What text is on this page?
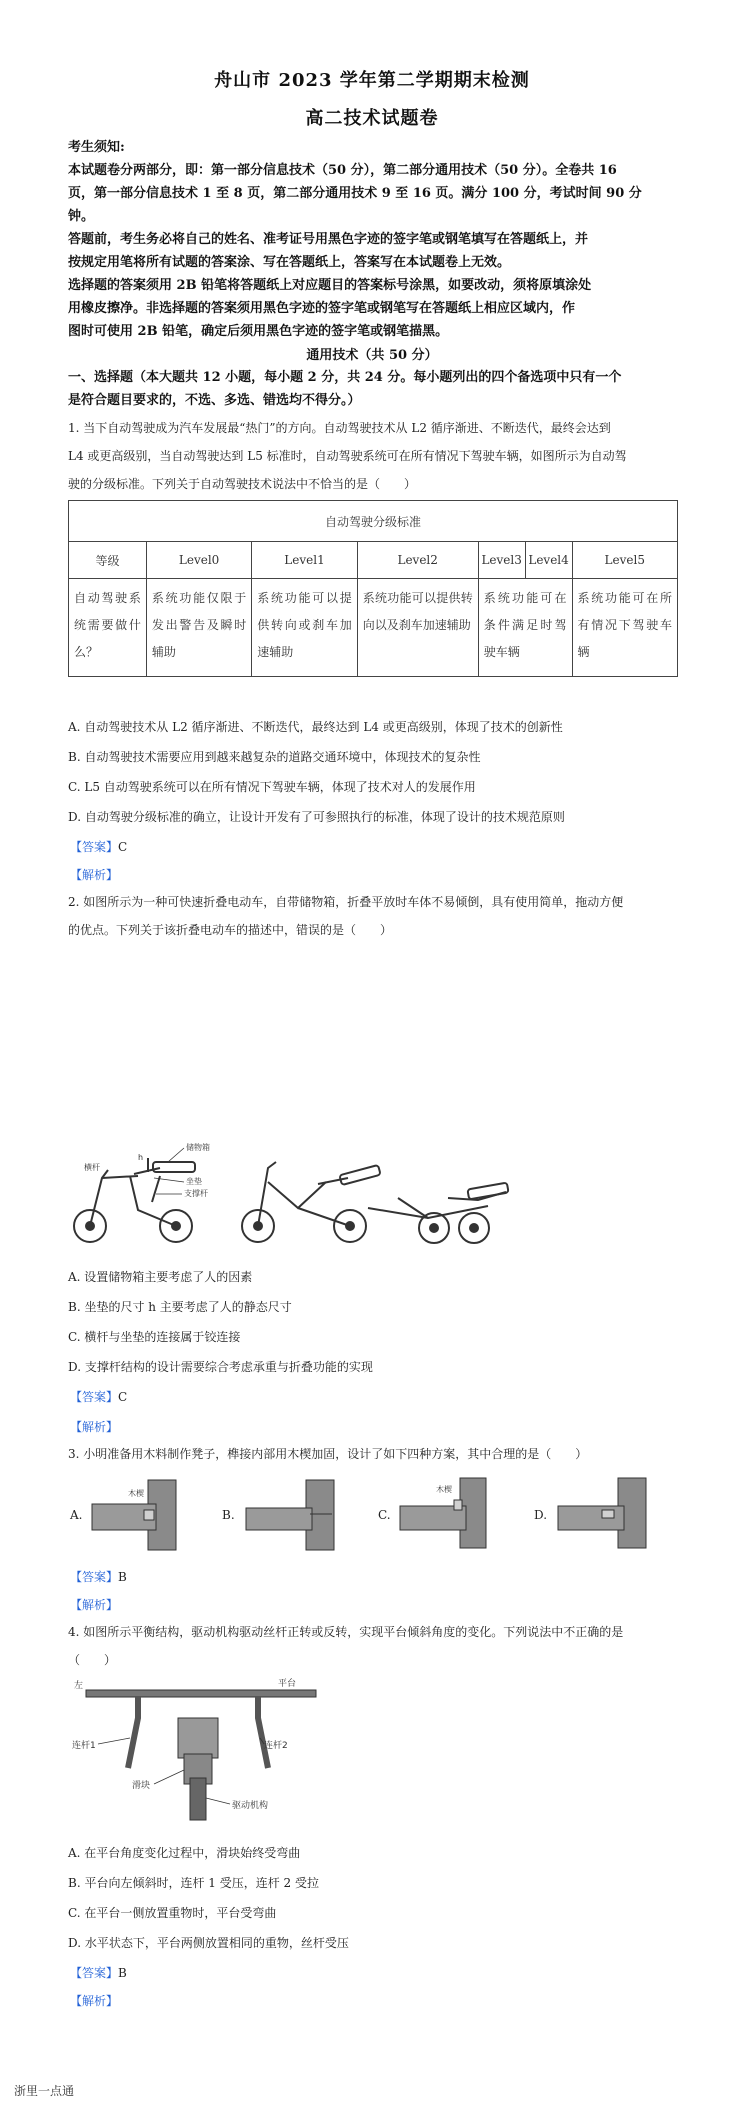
舟山市 2023 学年第二学期期末检测
高二技术试题卷

考生须知:

本试题卷分两部分，即：第一部分信息技术（50 分），第二部分通用技术（50 分）。全卷共 16

页，第一部分信息技术 1 至 8 页，第二部分通用技术 9 至 16 页。满分 100 分，考试时间 90 分

钟。

答题前，考生务必将自己的姓名、准考证号用黑色字迹的签字笔或钢笔填写在答题纸上，并

按规定用笔将所有试题的答案涂、写在答题纸上，答案写在本试题卷上无效。

选择题的答案须用 2B 铅笔将答题纸上对应题目的答案标号涂黑，如要改动，须将原填涂处

用橡皮擦净。非选择题的答案须用黑色字迹的签字笔或钢笔写在答题纸上相应区域内，作

图时可使用 2B 铅笔，确定后须用黑色字迹的签字笔或钢笔描黑。

通用技术（共 50 分）
一、选择题（本大题共 12 小题，每小题 2 分，共 24 分。每小题列出的四个备选项中只有一个
是符合题目要求的，不选、多选、错选均不得分。）
1. 当下自动驾驶成为汽车发展最“热门”的方向。自动驾驶技术从 L2 循序渐进、不断迭代，最终会达到
L4 或更高级别，当自动驾驶达到 L5 标准时，自动驾驶系统可在所有情况下驾驶车辆，如图所示为自动驾
驶的分级标准。下列关于自动驾驶技术说法中不恰当的是（　　）
自动驾驶分级标准						
等级	Level0	Level1	Level2	Level3	Level4	Level5
自动驾驶系统需要做什么？	系统功能仅限于发出警告及瞬时辅助	系统功能可以提供转向或刹车加速辅助	系统功能可以提供转向以及刹车加速辅助	系统功能可在条件满足时驾驶车辆		系统功能可在所有情况下驾驶车辆
A. 自动驾驶技术从 L2 循序渐进、不断迭代，最终达到 L4 或更高级别，体现了技术的创新性
B. 自动驾驶技术需要应用到越来越复杂的道路交通环境中，体现技术的复杂性
C. L5 自动驾驶系统可以在所有情况下驾驶车辆，体现了技术对人的发展作用
D. 自动驾驶分级标准的确立，让设计开发有了可参照执行的标准，体现了设计的技术规范原则
【答案】C
【解析】
2. 如图所示为一种可快速折叠电动车，自带储物箱，折叠平放时车体不易倾倒，具有使用简单，拖动方便
的优点。下列关于该折叠电动车的描述中，错误的是（　　）
储物箱
h
横杆
坐垫
支撑杆
A. 设置储物箱主要考虑了人的因素
B. 坐垫的尺寸 h 主要考虑了人的静态尺寸
C. 横杆与坐垫的连接属于铰连接
D. 支撑杆结构的设计需要综合考虑承重与折叠功能的实现
【答案】C
【解析】
3. 小明准备用木料制作凳子，榫接内部用木楔加固，设计了如下四种方案，其中合理的是（　　）
A.	B.	C.	D.
木楔	木楔
【答案】B
【解析】
4. 如图所示平衡结构，驱动机构驱动丝杆正转或反转，实现平台倾斜角度的变化。下列说法中不正确的是
（　　）
左	平台
连杆1	连杆2
滑块
驱动机构
A. 在平台角度变化过程中，滑块始终受弯曲
B. 平台向左倾斜时，连杆 1 受压，连杆 2 受拉
C. 在平台一侧放置重物时，平台受弯曲
D. 水平状态下，平台两侧放置相同的重物，丝杆受压
【答案】B
【解析】
浙里一点通
